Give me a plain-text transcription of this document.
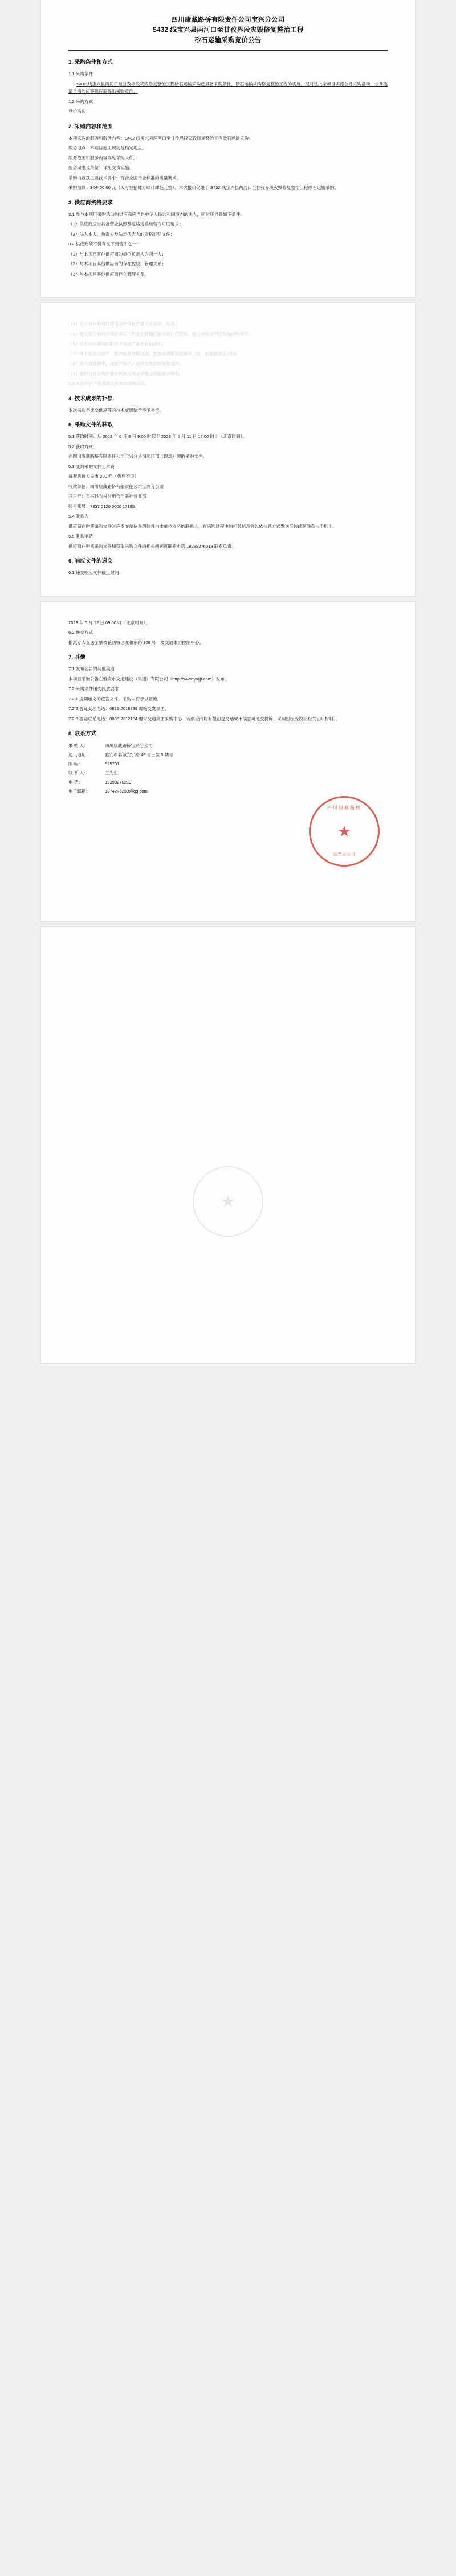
四川康藏路桥有限责任公司宝兴分公司
S432 线宝兴县两河口至甘孜界段灾毁修复整治工程
砂石运输采购竞价公告
1. 采购条件和方式

1.1 采购条件

S432 线宝兴县两河口至甘孜界段灾毁修复整治工程砂石运输采购已具备采购条件，砂石运输采购修复整治工程的实施，现对该批条项目实施公开采购活动，公开邀请合格的应答供应商提出采购竞价。

1.2 采购方式

竞价采购

2. 采购内容和范围

本项采购的服务和服务内容：S432 线宝兴县两河口至甘孜界段灾毁修复整治工程砂石运输采购。

服务地点：本项目施工现场及指定地点。

服务范围和服务内容详见采购文件。

服务期限及单位：详见交货实施。

采购内容及主要技术要求：符合全国行业标准的质量要求。

采购预算：344400.00 元（大写叁拾肆万肆仟肆佰元整）。本次报价仅限于 S432 线宝兴县两河口至甘孜界段灾毁修复整治工程砂石运输采购。

3. 供应商资格要求

3.1 参与本项目采购活动的供应商应当是中华人民共和国境内的法人，同时还具备如下条件：

（1）供应商应当具备营业执照及道路运输经营许可证要求；

（2）法人本人、负责人及法定代表人的资格证明文件；

3.2 供应商须不得存在下列情形之一：

（1）与本项目其他供应商的单位负责人为同一人；

（2）与本项目其他供应商的存在控股、管理关系；

（3）与本项目其他供应商存在管理关系。

（4）近三年内具有经营活动中存在严重不良信用、纪录；

（5）提交项目的供应商必须以上行业主管部门要求的法定资质、能力经验证明已参加采购项目；

（6）在本项目提供的服务中存在严重不良记录的；

（7）处于被责令停产、整改或者吊销执照、暂扣或者吊销资格许可证、拒绝接受证书的；

（3）进入清算程序，或破产资产、或其他类似制度状况的；

（4）提供公开采购的要求的供应商必须提交的信息资料的。

5.3 本次项目不接受联合体参加采购活动。

4. 技术成果的补偿

本次采购不成交供应商的技术成果给予不予补偿。

5. 采购文件的获取

5.1 获取时间：从 2023 年 6 月 8 日 9:00 时起至 2023 年 6 月 11 日 17:00 时止（北京时间）。

5.2 获取方式：

在四川康藏路桥有限责任公司宝兴分公司项目部（现场）领取采购文件。

5.3 交纳采购文件工本费

每套售价人民币 200 元（售后不退）

收款单位：四川康藏路桥有限责任公司宝兴分公司

开户行：宝兴县农村信用合作联社营业部

账号账号：7337 0120 0000 17195。

5.4 联系人

供应商在购买采购文件时应提交单位介绍信并由本单位业务的联系人，在采购过程中的相关信息将以依信息方式发送至该邮箱联系人手机上。

5.5 联系电话

供应商在购买采购文件和获取采购文件的相关问题可联系电话 18288276019 联系负责。

6. 响应文件的递交

6.1 递交响应文件截止时间：

2023 年 6 月 12 日 09:00 时（北京时间）。

6.2 递交方式

指派专人直送至攀枝花西城区龙和东路 308 号一楼交通集团控制中心。

7. 其他

7.1 发布公告的其他渠道

本项目采购公告在雅安市交通建设（集团）有限公司（http://www.yajjjt.com）发布。

7.2 采购文件递交投放要求

7.2.1 提期递交的应答文件、采购人将予以拒绝。

7.2.2 答疑受理电话：0835-2018739 邮箱交发集团。

7.2.3 答疑联系电话：0835-2312134 要求交通集团采购中心（若供应商均有提前提交结果不满意可递交投诉、采购投标受投标相关证明材料）。

8. 联系方式
采 购 人：	四川康藏路桥宝兴分公司
通讯地址：	雅安市名城安宁路 45 号三层 3 楼号
邮 编：	625701
联 系 人：	王先生
电 话：	18398270219
电子邮箱：	1874275230@qq.com
四川康藏路桥
★
宝兴分公司
★
